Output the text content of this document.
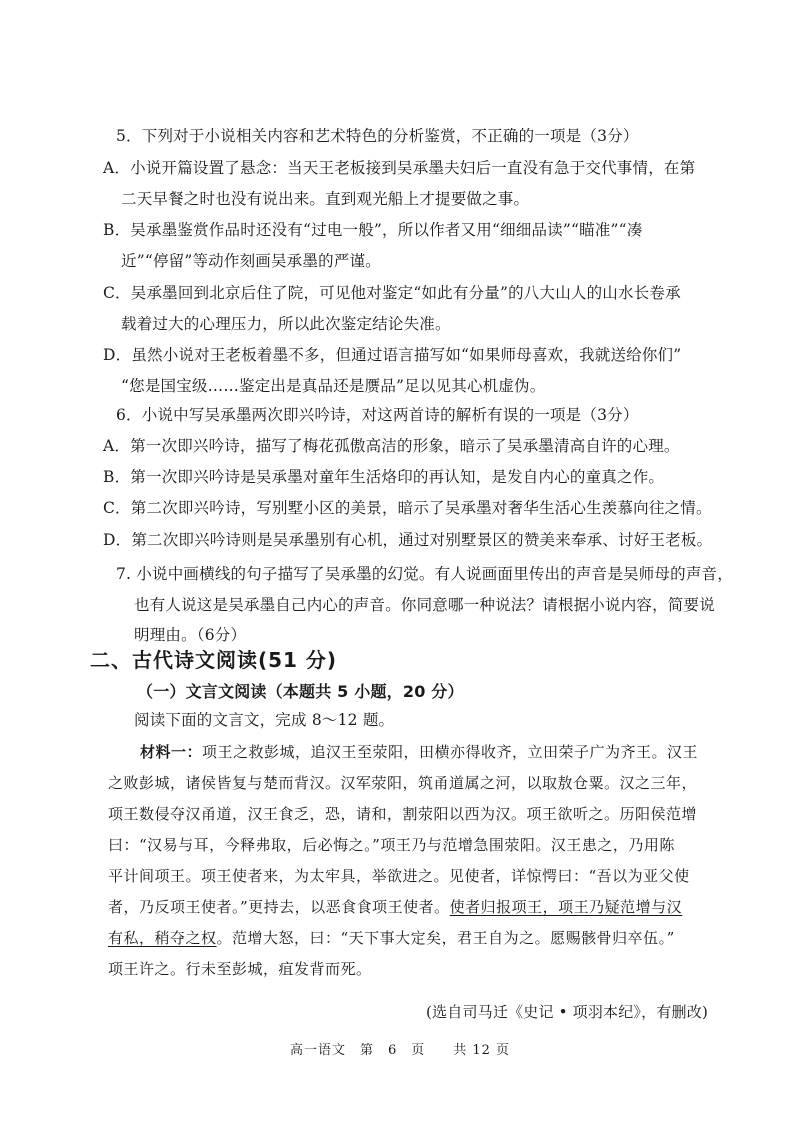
5．下列对于小说相关内容和艺术特色的分析鉴赏，不正确的一项是（3分）
A．小说开篇设置了悬念：当天王老板接到吴承墨夫妇后一直没有急于交代事情，在第
二天早餐之时也没有说出来。直到观光船上才提要做之事。
B．吴承墨鉴赏作品时还没有“过电一般”，所以作者又用“细细品读”“瞄准”“凑
近”“停留”等动作刻画吴承墨的严谨。
C．吴承墨回到北京后住了院，可见他对鉴定“如此有分量”的八大山人的山水长卷承
载着过大的心理压力，所以此次鉴定结论失准。
D．虽然小说对王老板着墨不多，但通过语言描写如“如果师母喜欢，我就送给你们”
“您是国宝级……鉴定出是真品还是赝品”足以见其心机虚伪。
6．小说中写吴承墨两次即兴吟诗，对这两首诗的解析有误的一项是（3分）
A．第一次即兴吟诗，描写了梅花孤傲高洁的形象，暗示了吴承墨清高自许的心理。
B．第一次即兴吟诗是吴承墨对童年生活烙印的再认知，是发自内心的童真之作。
C．第二次即兴吟诗，写别墅小区的美景，暗示了吴承墨对奢华生活心生羡慕向往之情。
D．第二次即兴吟诗则是吴承墨别有心机，通过对别墅景区的赞美来奉承、讨好王老板。
7. 小说中画横线的句子描写了吴承墨的幻觉。有人说画面里传出的声音是吴师母的声音，
也有人说这是吴承墨自己内心的声音。你同意哪一种说法？请根据小说内容，简要说
明理由。（6分）
二、古代诗文阅读(51 分)
（一）文言文阅读（本题共 5 小题，20 分）
阅读下面的文言文，完成 8～12 题。
材料一：项王之救彭城，追汉王至荥阳，田横亦得收齐，立田荣子广为齐王。汉王
之败彭城，诸侯皆复与楚而背汉。汉军荥阳，筑甬道属之河，以取敖仓粟。汉之三年，
项王数侵夺汉甬道，汉王食乏，恐，请和，割荥阳以西为汉。项王欲听之。历阳侯范增
曰：“汉易与耳，今释弗取，后必悔之。”项王乃与范增急围荥阳。汉王患之，乃用陈
平计间项王。项王使者来，为太牢具，举欲进之。见使者，详惊愕曰：“吾以为亚父使
者，乃反项王使者。”更持去，以恶食食项王使者。使者归报项王，项王乃疑范增与汉
有私，稍夺之权。范增大怒，曰：“天下事大定矣，君王自为之。愿赐骸骨归卒伍。”
项王许之。行未至彭城，疽发背而死。
(选自司马迁《史记 • 项羽本纪》，有删改)
高一语文　第　6　页　　共 12 页
